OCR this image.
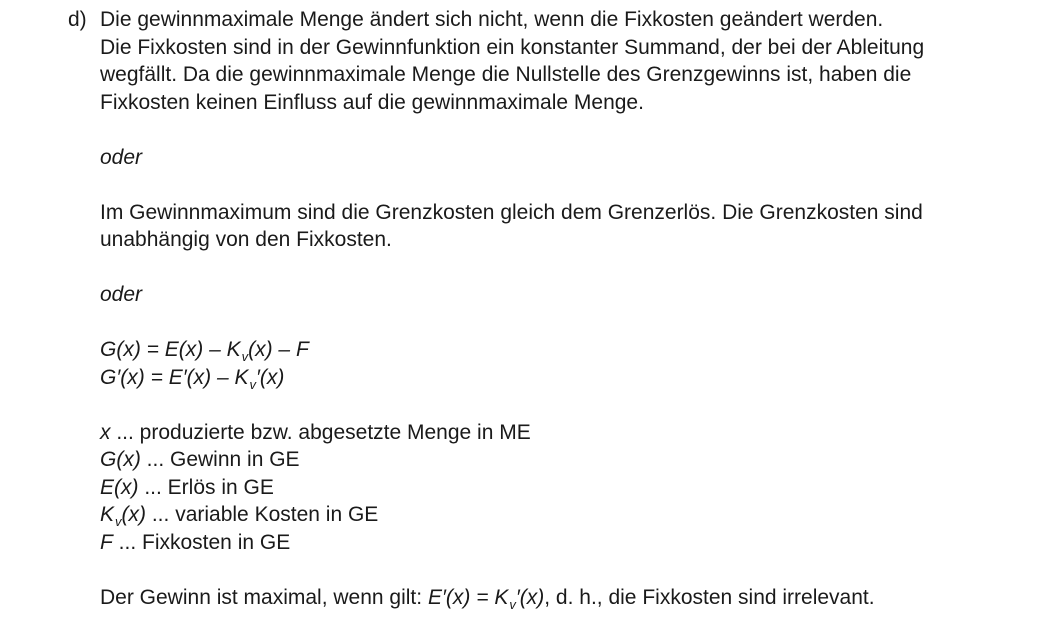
d) Die gewinnmaximale Menge ändert sich nicht, wenn die Fixkosten geändert werden.
Die Fixkosten sind in der Gewinnfunktion ein konstanter Summand, der bei der Ableitung
wegfällt. Da die gewinnmaximale Menge die Nullstelle des Grenzgewinns ist, haben die
Fixkosten keinen Einfluss auf die gewinnmaximale Menge.
oder
Im Gewinnmaximum sind die Grenzkosten gleich dem Grenzerlös. Die Grenzkosten sind
unabhängig von den Fixkosten.
oder
$G(x) = E(x) - K_v(x) - F$
$G'(x) = E'(x) - K_v'(x)$
x ... produzierte bzw. abgesetzte Menge in ME
G(x) ... Gewinn in GE
E(x) ... Erlös in GE
$K_v(x)$ ... variable Kosten in GE
F ... Fixkosten in GE
Der Gewinn ist maximal, wenn gilt: $E'(x) = K_v'(x)$, d. h., die Fixkosten sind irrelevant.
